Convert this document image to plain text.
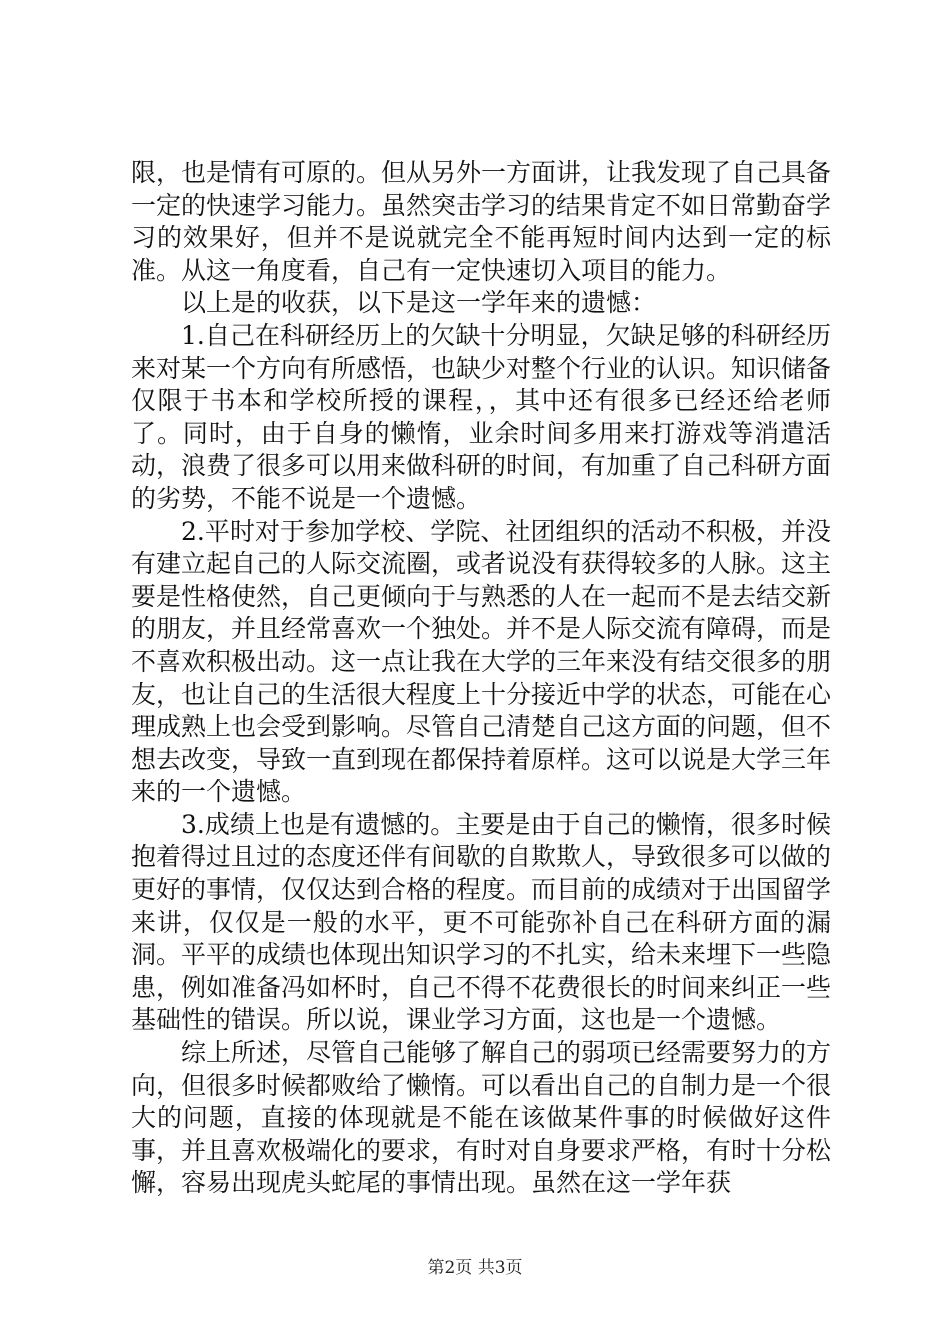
限，也是情有可原的。但从另外一方面讲，让我发现了自己具备一定的快速学习能力。虽然突击学习的结果肯定不如日常勤奋学习的效果好，但并不是说就完全不能再短时间内达到一定的标准。从这一角度看，自己有一定快速切入项目的能力。

以上是的收获，以下是这一学年来的遗憾：

1.自己在科研经历上的欠缺十分明显，欠缺足够的科研经历来对某一个方向有所感悟，也缺少对整个行业的认识。知识储备仅限于书本和学校所授的课程，，其中还有很多已经还给老师了。同时，由于自身的懒惰，业余时间多用来打游戏等消遣活动，浪费了很多可以用来做科研的时间，有加重了自己科研方面的劣势，不能不说是一个遗憾。

2.平时对于参加学校、学院、社团组织的活动不积极，并没有建立起自己的人际交流圈，或者说没有获得较多的人脉。这主要是性格使然，自己更倾向于与熟悉的人在一起而不是去结交新的朋友，并且经常喜欢一个独处。并不是人际交流有障碍，而是不喜欢积极出动。这一点让我在大学的三年来没有结交很多的朋友，也让自己的生活很大程度上十分接近中学的状态，可能在心理成熟上也会受到影响。尽管自己清楚自己这方面的问题，但不想去改变，导致一直到现在都保持着原样。这可以说是大学三年来的一个遗憾。

3.成绩上也是有遗憾的。主要是由于自己的懒惰，很多时候抱着得过且过的态度还伴有间歇的自欺欺人，导致很多可以做的更好的事情，仅仅达到合格的程度。而目前的成绩对于出国留学来讲，仅仅是一般的水平，更不可能弥补自己在科研方面的漏洞。平平的成绩也体现出知识学习的不扎实，给未来埋下一些隐患，例如准备冯如杯时，自己不得不花费很长的时间来纠正一些基础性的错误。所以说，课业学习方面，这也是一个遗憾。

综上所述，尽管自己能够了解自己的弱项已经需要努力的方向，但很多时候都败给了懒惰。可以看出自己的自制力是一个很大的问题，直接的体现就是不能在该做某件事的时候做好这件事，并且喜欢极端化的要求，有时对自身要求严格，有时十分松懈，容易出现虎头蛇尾的事情出现。虽然在这一学年获

第2页 共3页
